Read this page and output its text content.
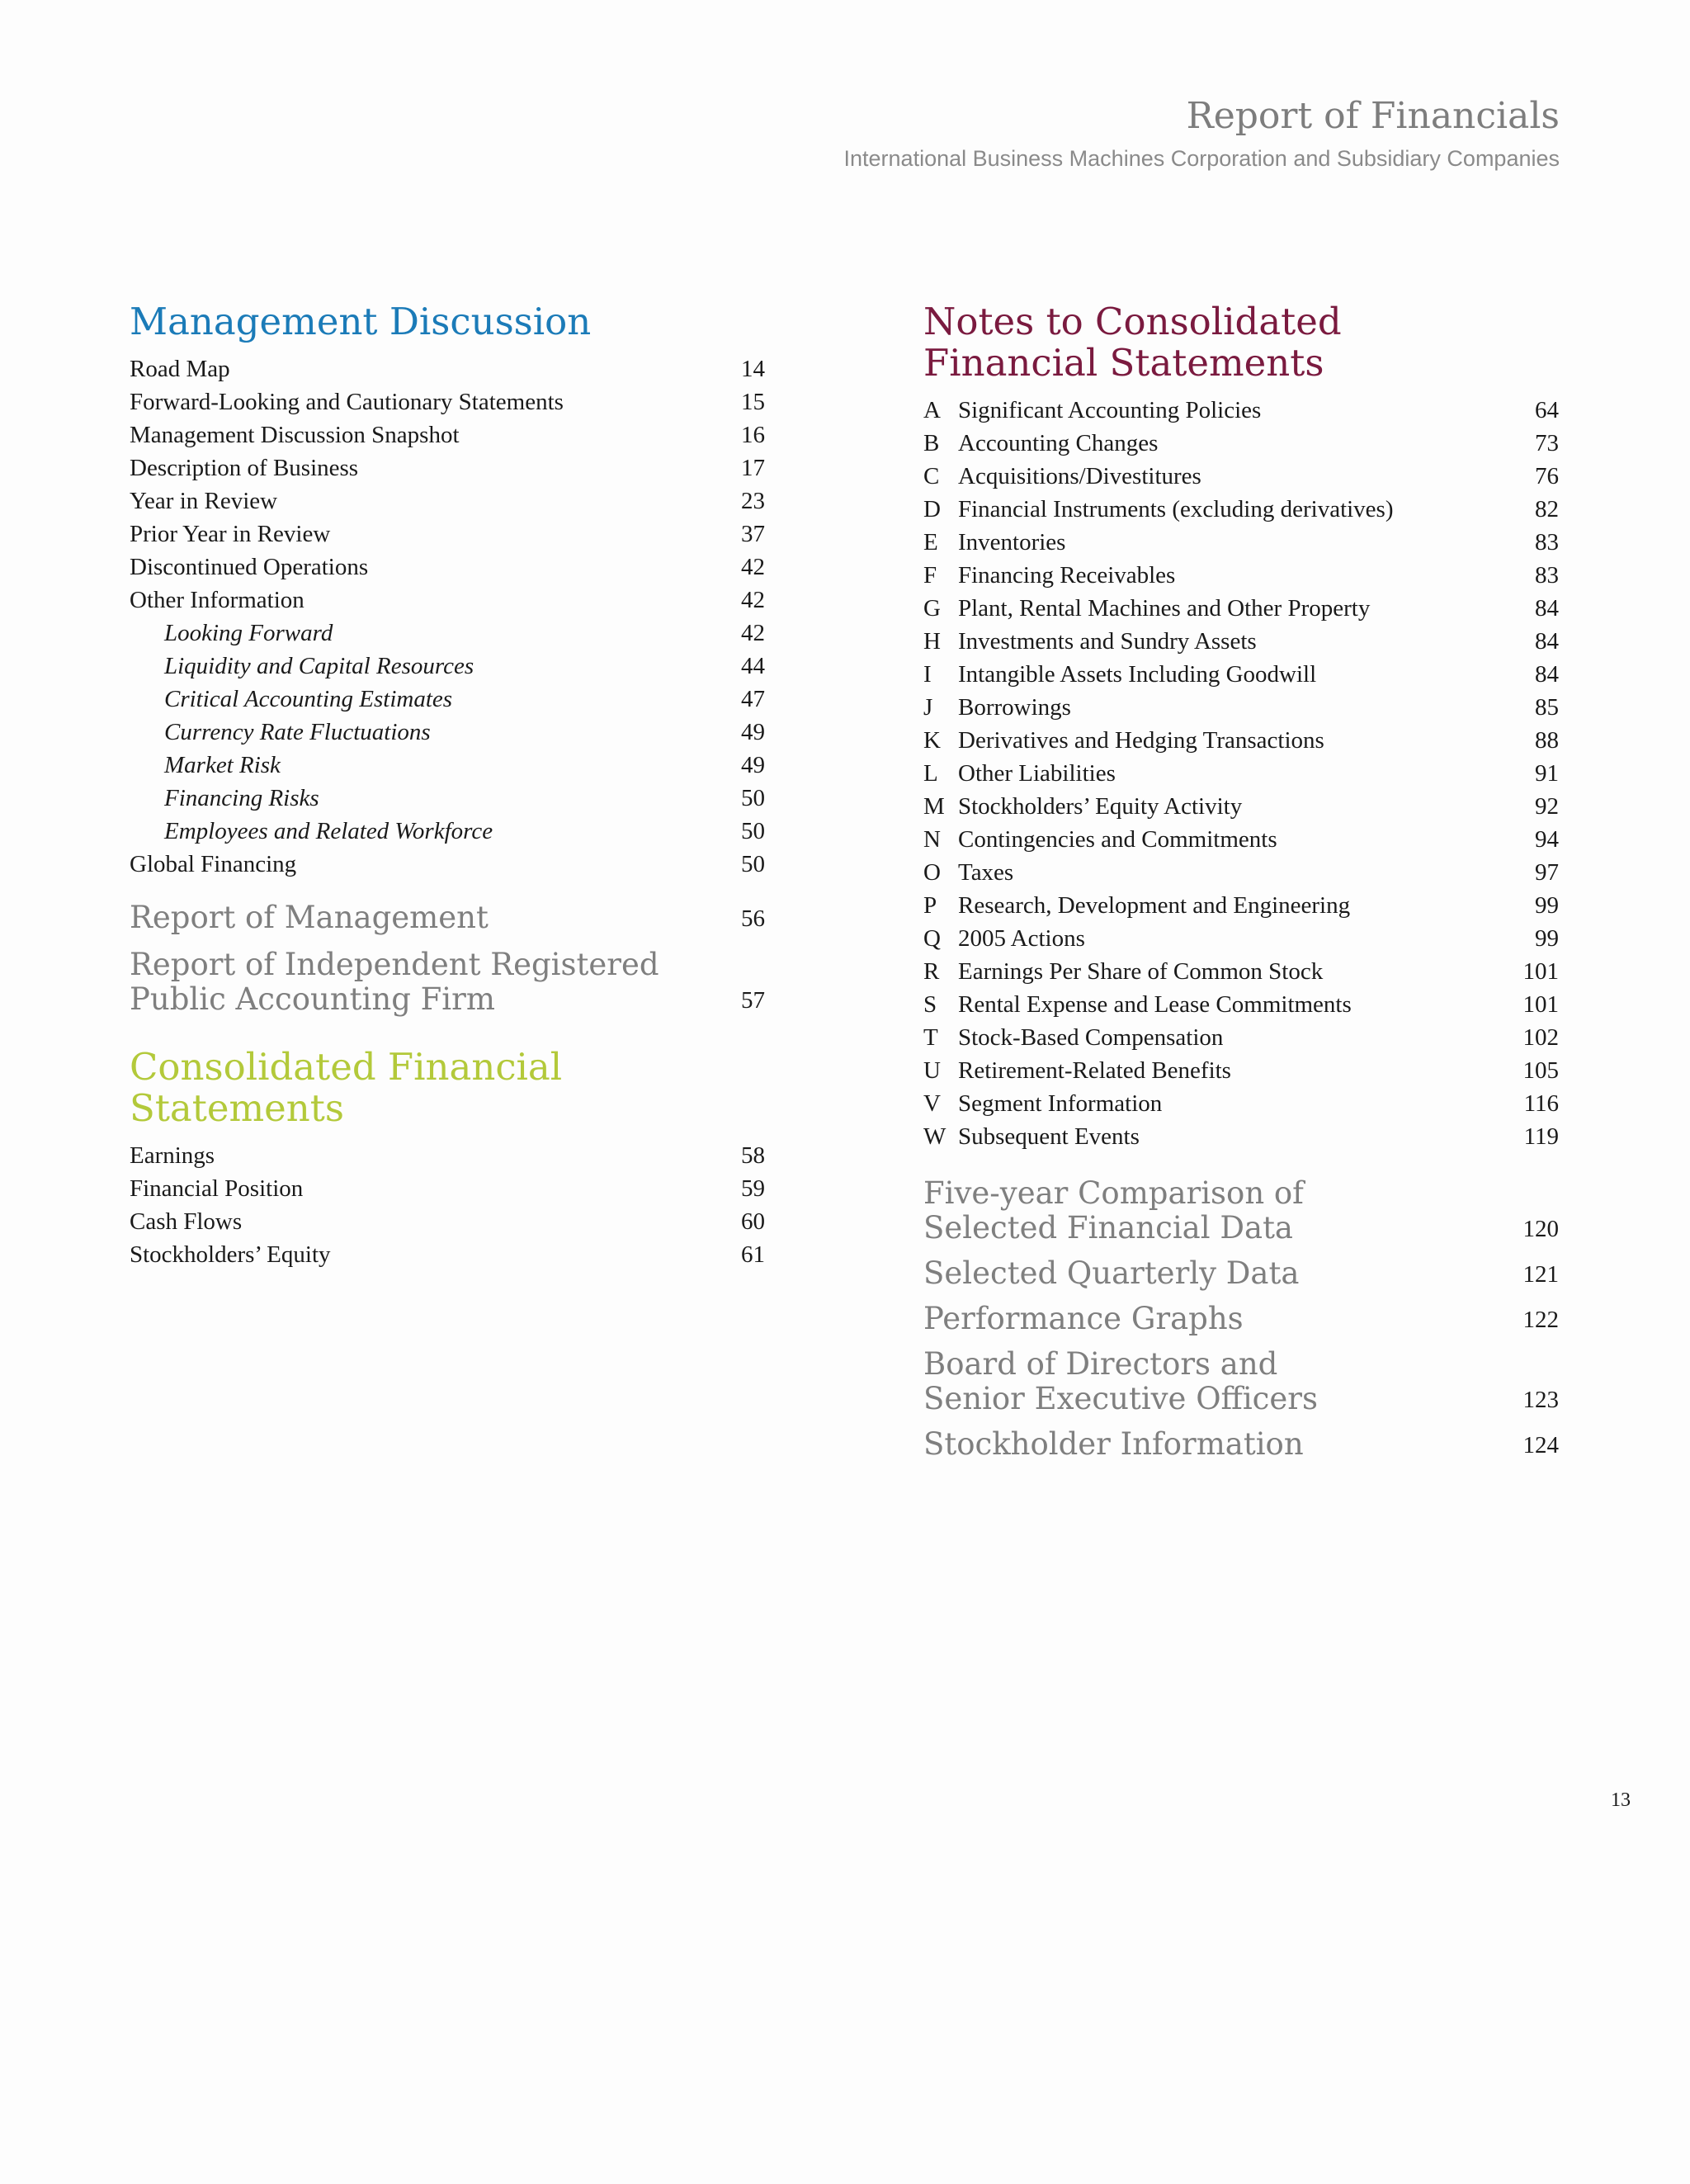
Report of Financials
International Business Machines Corporation and Subsidiary Companies
Management Discussion
Road Map	14
Forward-Looking and Cautionary Statements	15
Management Discussion Snapshot	16
Description of Business	17
Year in Review	23
Prior Year in Review	37
Discontinued Operations	42
Other Information	42
Looking Forward	42
Liquidity and Capital Resources	44
Critical Accounting Estimates	47
Currency Rate Fluctuations	49
Market Risk	49
Financing Risks	50
Employees and Related Workforce	50
Global Financing	50
Report of Management	56
Report of Independent Registered
Public Accounting Firm	57
Consolidated Financial
Statements
Earnings	58
Financial Position	59
Cash Flows	60
Stockholders’ Equity	61
Notes to Consolidated
Financial Statements
A Significant Accounting Policies	64
B Accounting Changes	73
C Acquisitions/Divestitures	76
D Financial Instruments (excluding derivatives)	82
E Inventories	83
F Financing Receivables	83
G Plant, Rental Machines and Other Property	84
H Investments and Sundry Assets	84
I Intangible Assets Including Goodwill	84
J Borrowings	85
K Derivatives and Hedging Transactions	88
L Other Liabilities	91
M Stockholders’ Equity Activity	92
N Contingencies and Commitments	94
O Taxes	97
P Research, Development and Engineering	99
Q 2005 Actions	99
R Earnings Per Share of Common Stock	101
S Rental Expense and Lease Commitments	101
T Stock-Based Compensation	102
U Retirement-Related Benefits	105
V Segment Information	116
W Subsequent Events	119
Five-year Comparison of
Selected Financial Data	120
Selected Quarterly Data	121
Performance Graphs	122
Board of Directors and
Senior Executive Officers	123
Stockholder Information	124
13
